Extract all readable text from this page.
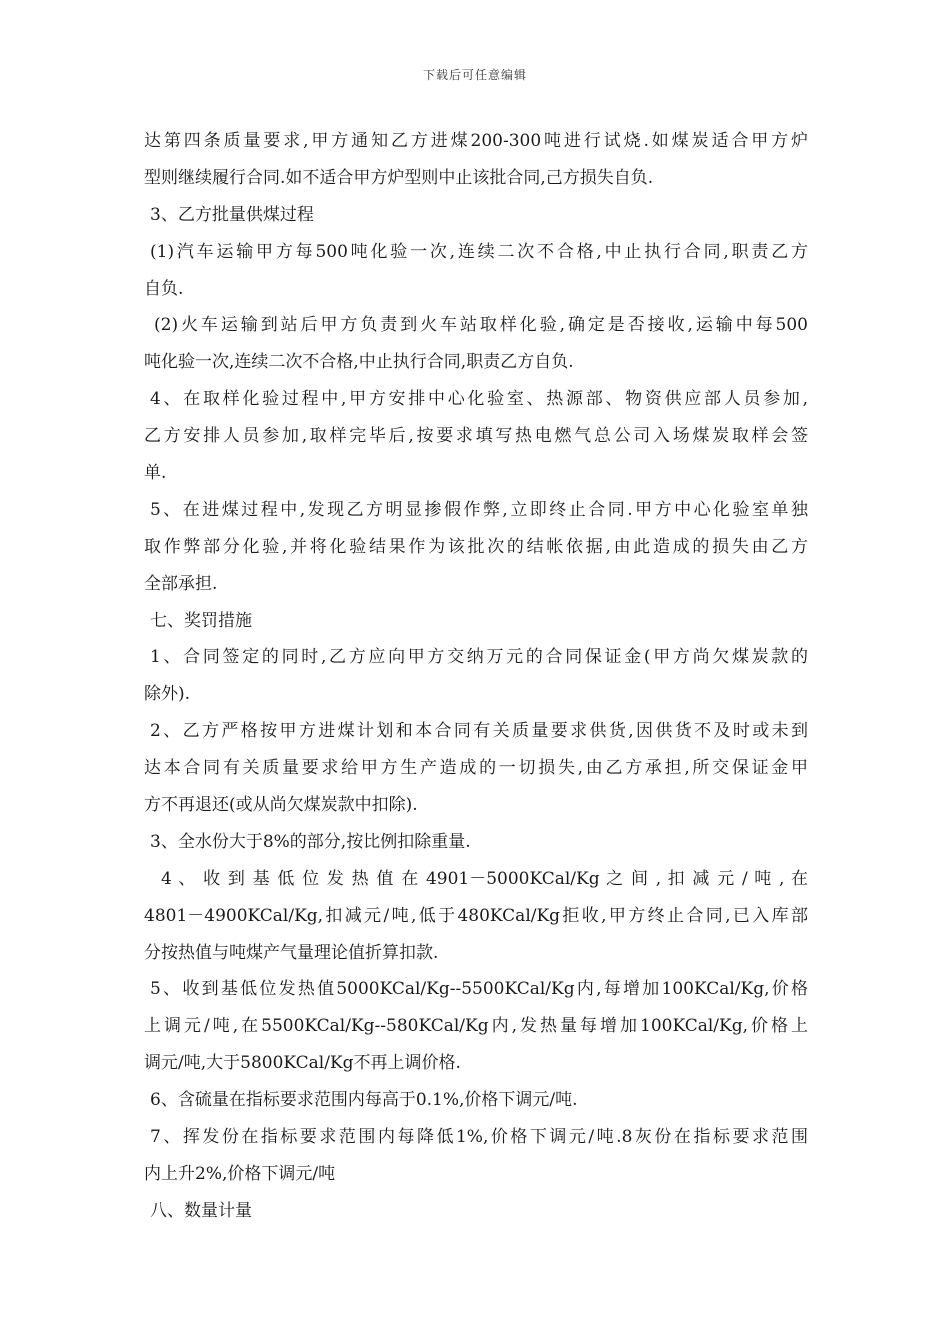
下载后可任意编辑
达第四条质量要求,甲方通知乙方进煤200-300吨进行试烧.如煤炭适合甲方炉
型则继续履行合同.如不适合甲方炉型则中止该批合同,己方损失自负.
3、乙方批量供煤过程
(1)汽车运输甲方每500吨化验一次,连续二次不合格,中止执行合同,职责乙方
自负.
(2)火车运输到站后甲方负责到火车站取样化验,确定是否接收,运输中每500
吨化验一次,连续二次不合格,中止执行合同,职责乙方自负.
4、在取样化验过程中,甲方安排中心化验室、热源部、物资供应部人员参加,
乙方安排人员参加,取样完毕后,按要求填写热电燃气总公司入场煤炭取样会签
单.
5、在进煤过程中,发现乙方明显掺假作弊,立即终止合同.甲方中心化验室单独
取作弊部分化验,并将化验结果作为该批次的结帐依据,由此造成的损失由乙方
全部承担.
七、奖罚措施
1、合同签定的同时,乙方应向甲方交纳万元的合同保证金(甲方尚欠煤炭款的
除外).
2、乙方严格按甲方进煤计划和本合同有关质量要求供货,因供货不及时或未到
达本合同有关质量要求给甲方生产造成的一切损失,由乙方承担,所交保证金甲
方不再退还(或从尚欠煤炭款中扣除).
3、全水份大于8%的部分,按比例扣除重量.
4 、 收 到 基 低 位 发 热 值 在 4901－5000KCal/Kg 之 间 , 扣 减 元 / 吨 , 在
4801－4900KCal/Kg,扣减元/吨,低于480KCal/Kg拒收,甲方终止合同,已入库部
分按热值与吨煤产气量理论值折算扣款.
5、收到基低位发热值5000KCal/Kg--5500KCal/Kg内,每增加100KCal/Kg,价格
上调元/吨,在5500KCal/Kg--580KCal/Kg内,发热量每增加100KCal/Kg,价格上
调元/吨,大于5800KCal/Kg不再上调价格.
6、含硫量在指标要求范围内每高于0.1%,价格下调元/吨.
7、挥发份在指标要求范围内每降低1%,价格下调元/吨.8灰份在指标要求范围
内上升2%,价格下调元/吨
八、数量计量
